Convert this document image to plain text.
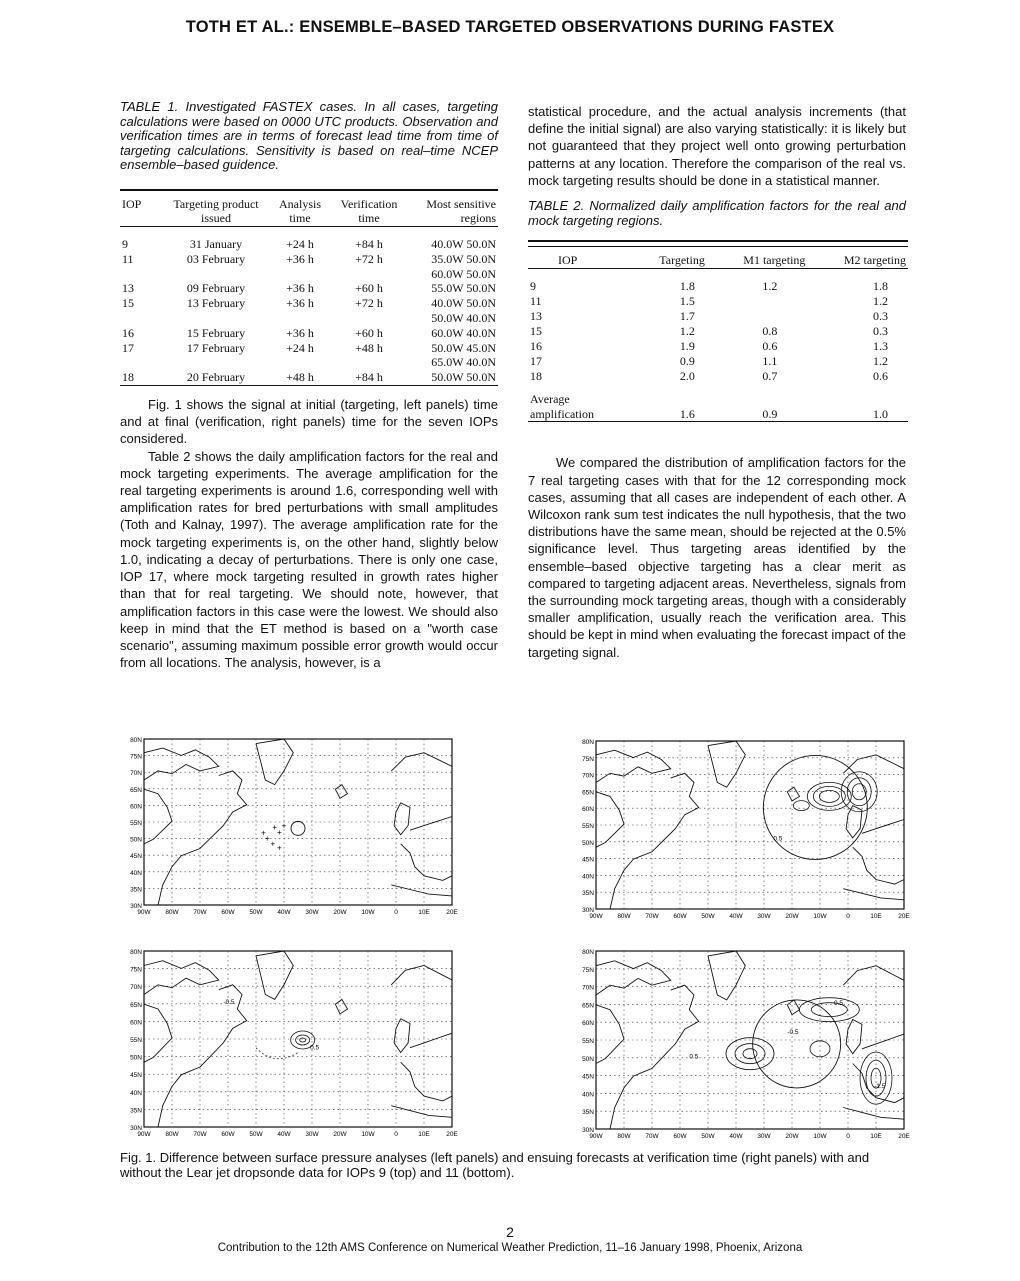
TOTH ET AL.: ENSEMBLE–BASED TARGETED OBSERVATIONS DURING FASTEX

TABLE 1. Investigated FASTEX cases. In all cases, targeting calculations were based on 0000 UTC products. Observation and verification times are in terms of forecast lead time from time of targeting calculations. Sensitivity is based on real–time NCEP ensemble–based guidence.

IOP	Targeting product issued	Analysis time	Verification time	Most sensitive regions

9	31 January	+24 h	+84 h	40.0W 50.0N
11	03 February	+36 h	+72 h	35.0W 50.0N
				60.0W 50.0N

13	09 February	+36 h	+60 h	55.0W 50.0N
15	13 February	+36 h	+72 h	40.0W 50.0N
				50.0W 40.0N

16	15 February	+36 h	+60 h	60.0W 40.0N
17	17 February	+24 h	+48 h	50.0W 45.0N
				65.0W 40.0N

18	20 February	+48 h	+84 h	50.0W 50.0N

Fig. 1 shows the signal at initial (targeting, left panels) time and at final (verification, right panels) time for the seven IOPs considered.

Table 2 shows the daily amplification factors for the real and mock targeting experiments. The average amplification for the real targeting experiments is around 1.6, corresponding well with amplification rates for bred perturbations with small amplitudes (Toth and Kalnay, 1997). The average amplification rate for the mock targeting experiments is, on the other hand, slightly below 1.0, indicating a decay of perturbations. There is only one case, IOP 17, where mock targeting resulted in growth rates higher than that for real targeting. We should note, however, that amplification factors in this case were the lowest. We should also keep in mind that the ET method is based on a "worth case scenario", assuming maximum possible error growth would occur from all locations. The analysis, however, is a

statistical procedure, and the actual analysis increments (that define the initial signal) are also varying statistically: it is likely but not guaranteed that they project well onto growing perturbation patterns at any location. Therefore the comparison of the real vs. mock targeting results should be done in a statistical manner.

TABLE 2. Normalized daily amplification factors for the real and mock targeting regions.

IOP	Targeting	M1 targeting	M2 targeting

9	1.8	1.2	1.8
11	1.5		1.2
13	1.7		0.3
15	1.2	0.8	0.3
16	1.9	0.6	1.3
17	0.9	1.1	1.2
18	2.0	0.7	0.6

Average			
amplification	1.6	0.9	1.0

We compared the distribution of amplification factors for the 7 real targeting cases with that for the 12 corresponding mock cases, assuming that all cases are independent of each other. A Wilcoxon rank sum test indicates the null hypothesis, that the two distributions have the same mean, should be rejected at the 0.5% significance level. Thus targeting areas identified by the ensemble–based objective targeting has a clear merit as compared to targeting adjacent areas. Nevertheless, signals from the surrounding mock targeting areas, though with a considerably smaller amplification, usually reach the verification area. This should be kept in mind when evaluating the forecast impact of the targeting signal.

80N
75N
70N
65N
60N
55N
50N
45N
40N
35N
30N
90W 80W 70W 60W 50W 40W 30W 20W 10W	0	10E	20E
+
+
+
+
+ +
+
80N
75N
70N
65N
60N
55N
50N
45N
40N
35N
30N
90W 80W 70W 60W 50W 40W 30W 20W 10W	0	10E	20E
0.5
80N
75N
70N
65N
60N
55N
50N
45N
40N
35N
30N
90W 80W 70W 60W 50W 40W 30W 20W 10W	0	10E	20E
-0.5
0.5
80N
75N
70N
65N
60N
55N
50N
45N
40N
35N
30N
90W 80W 70W 60W 50W 40W 30W 20W 10W	0	10E	20E
0.5
-0.5
0.5
-1.5
Fig. 1. Difference between surface pressure analyses (left panels) and ensuing forecasts at verification time (right panels) with and without the Lear jet dropsonde data for IOPs 9 (top) and 11 (bottom).
2
Contribution to the 12th AMS Conference on Numerical Weather Prediction, 11–16 January 1998, Phoenix, Arizona
